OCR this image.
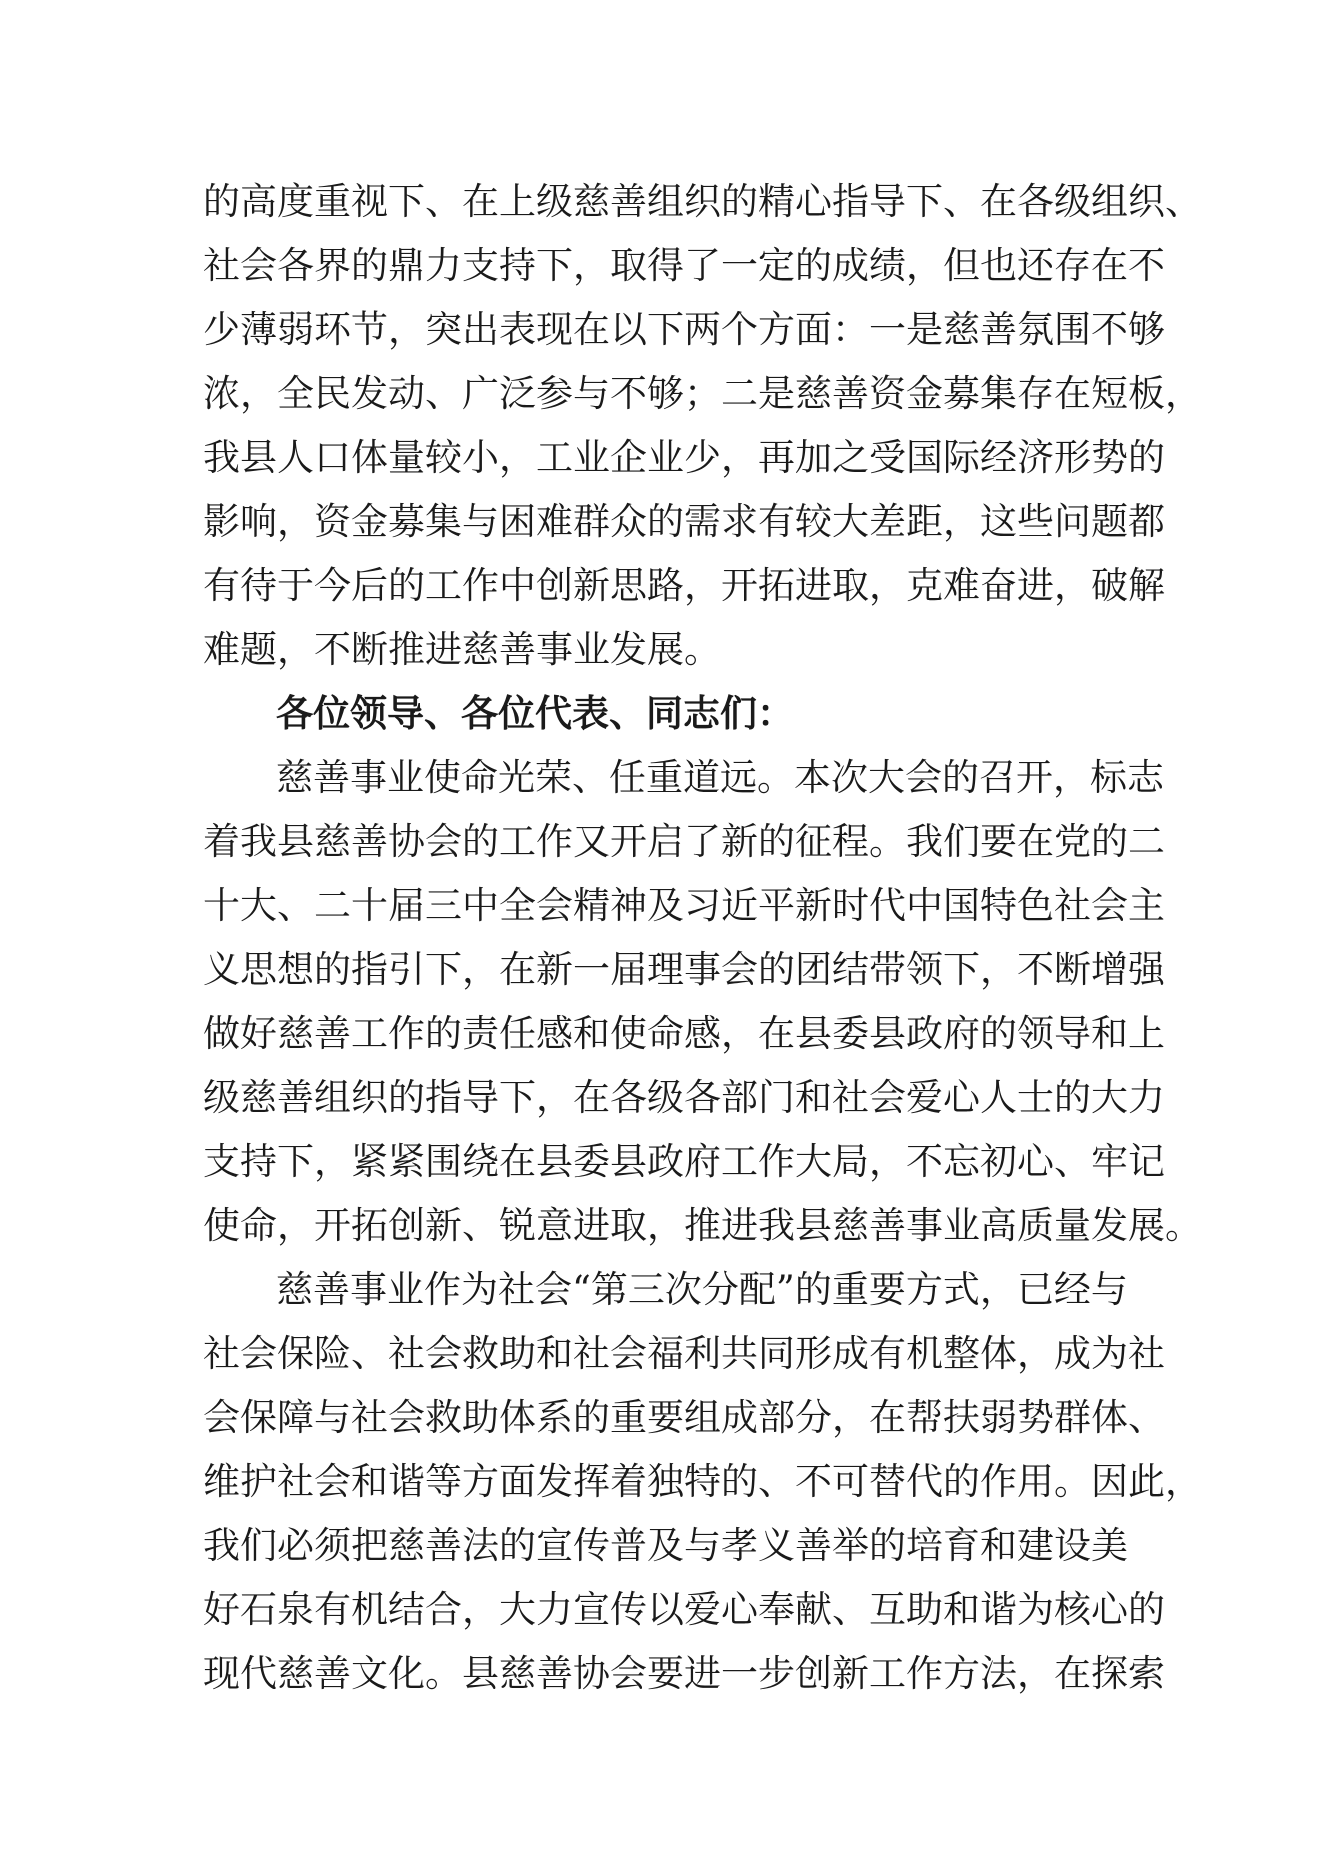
的高度重视下、在上级慈善组织的精心指导下、在各级组织、
社会各界的鼎力支持下，取得了一定的成绩，但也还存在不
少薄弱环节，突出表现在以下两个方面：一是慈善氛围不够
浓，全民发动、广泛参与不够；二是慈善资金募集存在短板，
我县人口体量较小，工业企业少，再加之受国际经济形势的
影响，资金募集与困难群众的需求有较大差距，这些问题都
有待于今后的工作中创新思路，开拓进取，克难奋进，破解
难题，不断推进慈善事业发展。
各位领导、各位代表、同志们：
慈善事业使命光荣、任重道远。本次大会的召开，标志
着我县慈善协会的工作又开启了新的征程。我们要在党的二
十大、二十届三中全会精神及习近平新时代中国特色社会主
义思想的指引下，在新一届理事会的团结带领下，不断增强
做好慈善工作的责任感和使命感，在县委县政府的领导和上
级慈善组织的指导下，在各级各部门和社会爱心人士的大力
支持下，紧紧围绕在县委县政府工作大局，不忘初心、牢记
使命，开拓创新、锐意进取，推进我县慈善事业高质量发展。
慈善事业作为社会“第三次分配”的重要方式，已经与
社会保险、社会救助和社会福利共同形成有机整体，成为社
会保障与社会救助体系的重要组成部分，在帮扶弱势群体、
维护社会和谐等方面发挥着独特的、不可替代的作用。因此，
我们必须把慈善法的宣传普及与孝义善举的培育和建设美
好石泉有机结合，大力宣传以爱心奉献、互助和谐为核心的
现代慈善文化。县慈善协会要进一步创新工作方法，在探索
